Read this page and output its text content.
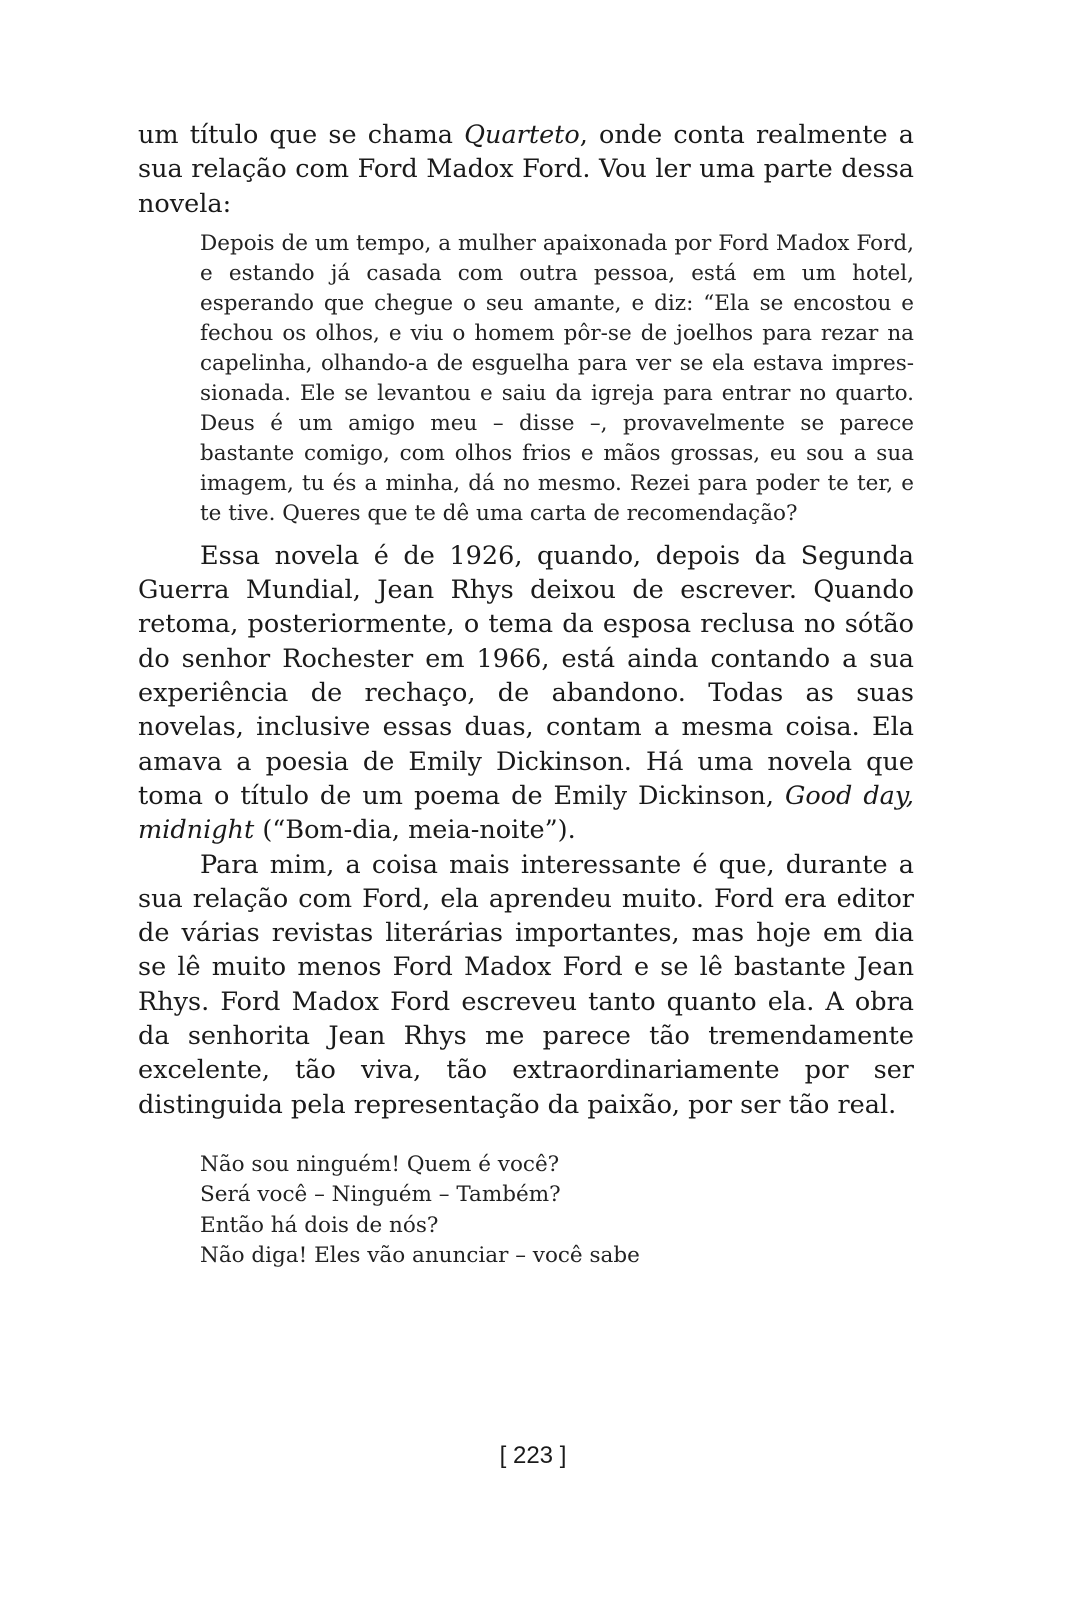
um título que se chama Quarteto, onde conta realmente a sua relação com Ford Madox Ford. Vou ler uma parte dessa novela:

Depois de um tempo, a mulher apaixonada por Ford Madox Ford, e estando já casada com outra pessoa, está em um hotel, esperando que chegue o seu amante, e diz: “Ela se encostou e fechou os olhos, e viu o homem pôr-se de joelhos para rezar na capelinha, olhando-a de esguelha para ver se ela estava impressionada. Ele se levantou e saiu da igreja para entrar no quarto. Deus é um amigo meu – disse –, provavelmente se parece bastante comigo, com olhos frios e mãos grossas, eu sou a sua imagem, tu és a minha, dá no mesmo. Rezei para poder te ter, e te tive. Queres que te dê uma carta de recomendação?

Essa novela é de 1926, quando, depois da Segunda Guerra Mundial, Jean Rhys deixou de escrever. Quando retoma, posteriormente, o tema da esposa reclusa no sótão do senhor Rochester em 1966, está ainda contando a sua experiência de rechaço, de abandono. Todas as suas novelas, inclusive essas duas, contam a mesma coisa. Ela amava a poesia de Emily Dickinson. Há uma novela que toma o título de um poema de Emily Dickinson, Good day, midnight (“Bom-dia, meia-noite”).

Para mim, a coisa mais interessante é que, durante a sua relação com Ford, ela aprendeu muito. Ford era editor de várias revistas literárias importantes, mas hoje em dia se lê muito menos Ford Madox Ford e se lê bastante Jean Rhys. Ford Madox Ford escreveu tanto quanto ela. A obra da senhorita Jean Rhys me parece tão tremendamente excelente, tão viva, tão extraordinariamente por ser distinguida pela representação da paixão, por ser tão real.

Não sou ninguém! Quem é você?
Será você – Ninguém – Também?
Então há dois de nós?
Não diga! Eles vão anunciar – você sabe
[ 223 ]
